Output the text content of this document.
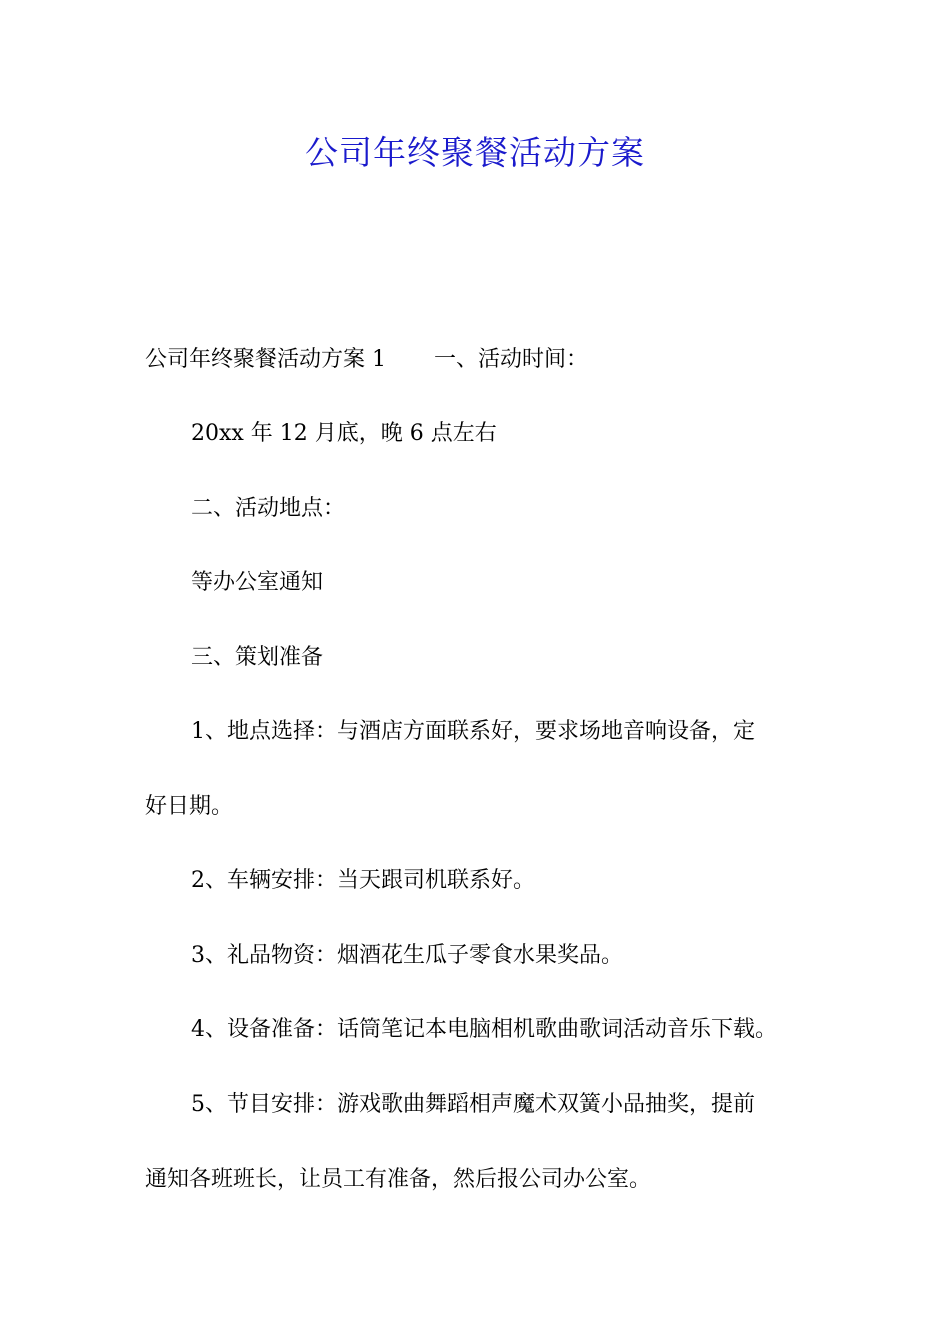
公司年终聚餐活动方案
公司年终聚餐活动方案 1 一、活动时间：
20xx 年 12 月底，晚 6 点左右
二、活动地点：
等办公室通知
三、策划准备
1、地点选择：与酒店方面联系好，要求场地音响设备，定
好日期。
2、车辆安排：当天跟司机联系好。
3、礼品物资：烟酒花生瓜子零食水果奖品。
4、设备准备：话筒笔记本电脑相机歌曲歌词活动音乐下载。
5、节目安排：游戏歌曲舞蹈相声魔术双簧小品抽奖，提前
通知各班班长，让员工有准备，然后报公司办公室。
